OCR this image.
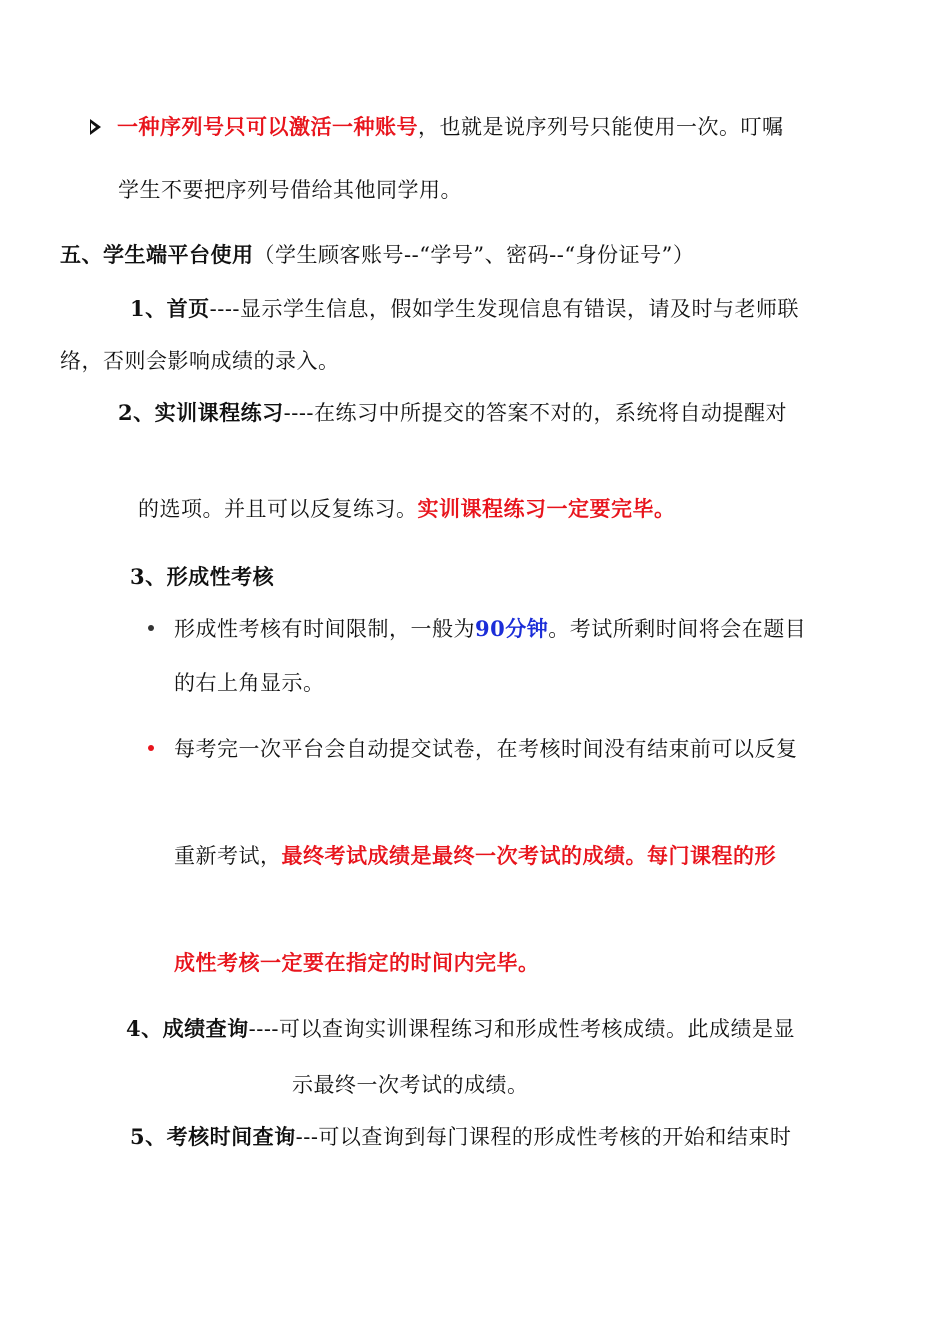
一种序列号只可以激活一种账号，也就是说序列号只能使用一次。叮嘱
学生不要把序列号借给其他同学用。
五、学生端平台使用（学生顾客账号--“学号”、密码--“身份证号”）
1、首页----显示学生信息，假如学生发现信息有错误，请及时与老师联
络，否则会影响成绩的录入。
2、实训课程练习----在练习中所提交的答案不对的，系统将自动提醒对
的选项。并且可以反复练习。实训课程练习一定要完毕。
3、形成性考核
形成性考核有时间限制，一般为90分钟。考试所剩时间将会在题目
的右上角显示。
每考完一次平台会自动提交试卷，在考核时间没有结束前可以反复
重新考试，最终考试成绩是最终一次考试的成绩。每门课程的形
成性考核一定要在指定的时间内完毕。
4、成绩查询----可以查询实训课程练习和形成性考核成绩。此成绩是显
示最终一次考试的成绩。
5、考核时间查询---可以查询到每门课程的形成性考核的开始和结束时
